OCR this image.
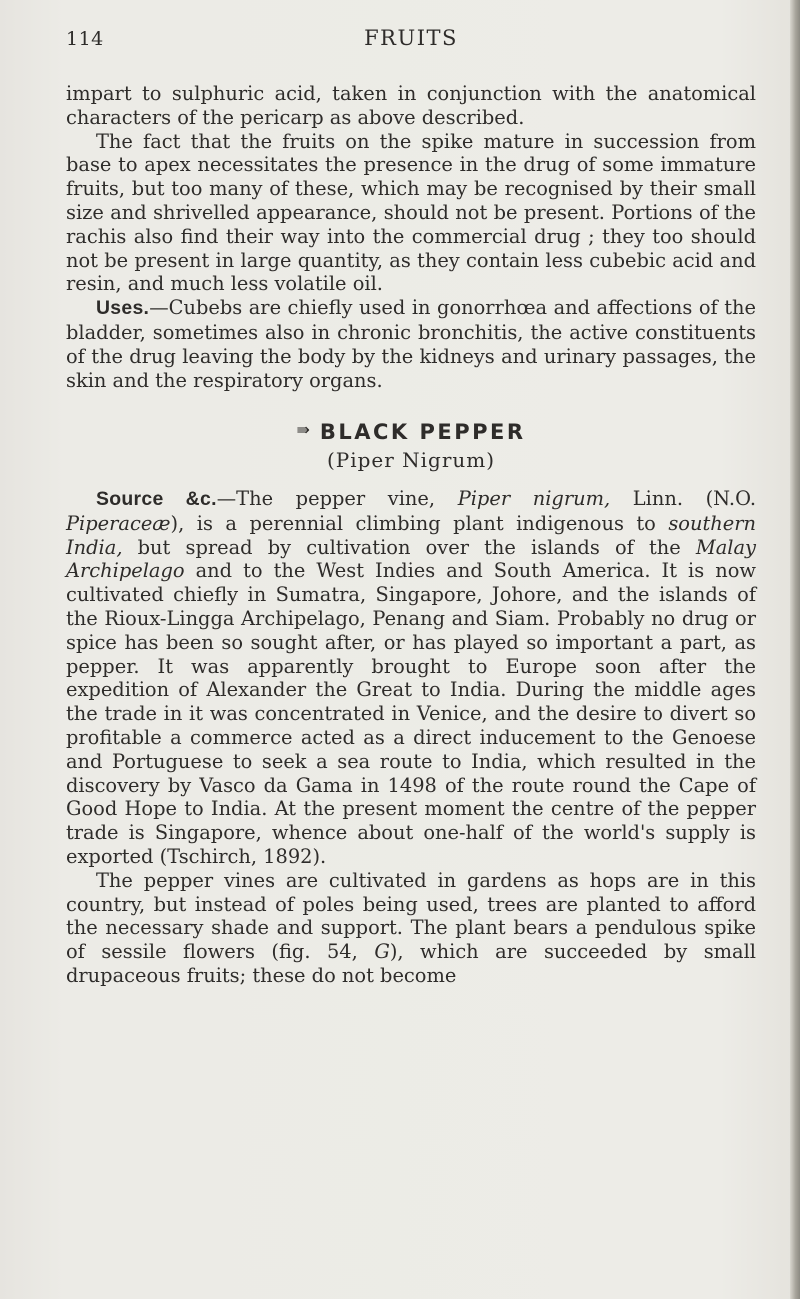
114	FRUITS

impart to sulphuric acid, taken in conjunction with the anatomical characters of the pericarp as above described.

The fact that the fruits on the spike mature in succession from base to apex necessitates the presence in the drug of some immature fruits, but too many of these, which may be recognised by their small size and shrivelled appearance, should not be present. Portions of the rachis also find their way into the commercial drug ; they too should not be present in large quantity, as they contain less cubebic acid and resin, and much less volatile oil.

Uses.—Cubebs are chiefly used in gonorrhœa and affections of the bladder, sometimes also in chronic bronchitis, the active constituents of the drug leaving the body by the kidneys and urinary passages, the skin and the respiratory organs.

⇛ BLACK PEPPER
(Piper Nigrum)

Source &c.—The pepper vine, Piper nigrum, Linn. (N.O. Piperaceæ), is a perennial climbing plant indigenous to southern India, but spread by cultivation over the islands of the Malay Archipelago and to the West Indies and South America. It is now cultivated chiefly in Sumatra, Singapore, Johore, and the islands of the Rioux-Lingga Archipelago, Penang and Siam. Probably no drug or spice has been so sought after, or has played so important a part, as pepper. It was apparently brought to Europe soon after the expedition of Alexander the Great to India. During the middle ages the trade in it was concentrated in Venice, and the desire to divert so profitable a commerce acted as a direct inducement to the Genoese and Portuguese to seek a sea route to India, which resulted in the discovery by Vasco da Gama in 1498 of the route round the Cape of Good Hope to India. At the present moment the centre of the pepper trade is Singapore, whence about one-half of the world's supply is exported (Tschirch, 1892).

The pepper vines are cultivated in gardens as hops are in this country, but instead of poles being used, trees are planted to afford the necessary shade and support. The plant bears a pendulous spike of sessile flowers (fig. 54, G), which are succeeded by small drupaceous fruits; these do not become
